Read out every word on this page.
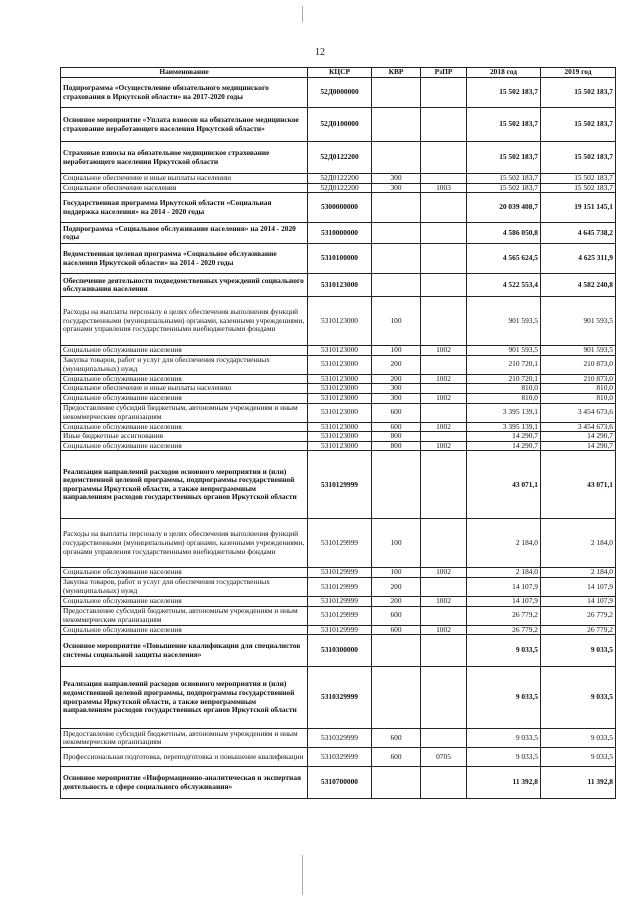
12
Наименование	КЦСР	КВР	РзПР	2018 год	2019 год
Подпрограмма «Осуществление обязательного медицинского страхования в Иркутской области» на 2017-2020 годы	52Д0000000			15 502 183,7	15 502 183,7
Основное мероприятие «Уплата взносов на обязательное медицинское страхование неработающего населения Иркутской области»	52Д0100000			15 502 183,7	15 502 183,7
Страховые взносы на обязательное медицинское страхование неработающего населения Иркутской области	52Д0122200			15 502 183,7	15 502 183,7
Социальное обеспечение и иные выплаты населению	52Д0122200	300		15 502 183,7	15 502 183,7
Социальное обеспечение населения	52Д0122200	300	1003	15 502 183,7	15 502 183,7
Государственная программа Иркутской области «Социальная поддержка населения» на 2014 - 2020 годы	5300000000			20 039 408,7	19 151 145,1
Подпрограмма «Социальное обслуживание населения» на 2014 - 2020 годы	5310000000			4 586 050,8	4 645 738,2
Ведомственная целевая программа «Социальное обслуживание населения Иркутской области» на 2014 - 2020 годы	5310100000			4 565 624,5	4 625 311,9
Обеспечение деятельности подведомственных учреждений социального обслуживания населения	5310123000			4 522 553,4	4 582 240,8
Расходы на выплаты персоналу в целях обеспечения выполнения функций государственными (муниципальными) органами, казенными учреждениями, органами управления государственными внебюджетными фондами	5310123000	100		901 593,5	901 593,5
Социальное обслуживание населения	5310123000	100	1002	901 593,5	901 593,5
Закупка товаров, работ и услуг для обеспечения государственных (муниципальных) нужд	5310123000	200		210 720,1	210 873,0
Социальное обслуживание населения	5310123000	200	1002	210 720,1	210 873,0
Социальное обеспечение и иные выплаты населению	5310123000	300		810,0	810,0
Социальное обслуживание населения	5310123000	300	1002	810,0	810,0
Предоставление субсидий бюджетным, автономным учреждениям и иным некоммерческим организациям	5310123000	600		3 395 139,1	3 454 673,6
Социальное обслуживание населения	5310123000	600	1002	3 395 139,1	3 454 673,6
Иные бюджетные ассигнования	5310123000	800		14 290,7	14 290,7
Социальное обслуживание населения	5310123000	800	1002	14 290,7	14 290,7
Реализация направлений расходов основного мероприятия и (или) ведомственной целевой программы, подпрограммы государственной программы Иркутской области, а также непрограммным направлениям расходов государственных органов Иркутской области	5310129999			43 071,1	43 071,1
Расходы на выплаты персоналу в целях обеспечения выполнения функций государственными (муниципальными) органами, казенными учреждениями, органами управления государственными внебюджетными фондами	5310129999	100		2 184,0	2 184,0
Социальное обслуживание населения	5310129999	100	1002	2 184,0	2 184,0
Закупка товаров, работ и услуг для обеспечения государственных (муниципальных) нужд	5310129999	200		14 107,9	14 107,9
Социальное обслуживание населения	5310129999	200	1002	14 107,9	14 107,9
Предоставление субсидий бюджетным, автономным учреждениям и иным некоммерческим организациям	5310129999	600		26 779,2	26 779,2
Социальное обслуживание населения	5310129999	600	1002	26 779,2	26 779,2
Основное мероприятие «Повышение квалификации для специалистов системы социальной защиты населения»	5310300000			9 033,5	9 033,5
Реализация направлений расходов основного мероприятия и (или) ведомственной целевой программы, подпрограммы государственной программы Иркутской области, а также непрограммным направлениям расходов государственных органов Иркутской области	5310329999			9 033,5	9 033,5
Предоставление субсидий бюджетным, автономным учреждениям и иным некоммерческим организациям	5310329999	600		9 033,5	9 033,5
Профессиональная подготовка, переподготовка и повышение квалификации	5310329999	600	0705	9 033,5	9 033,5
Основное мероприятие «Информационно-аналитическая и экспертная деятельность в сфере социального обслуживания»	5310700000			11 392,8	11 392,8
